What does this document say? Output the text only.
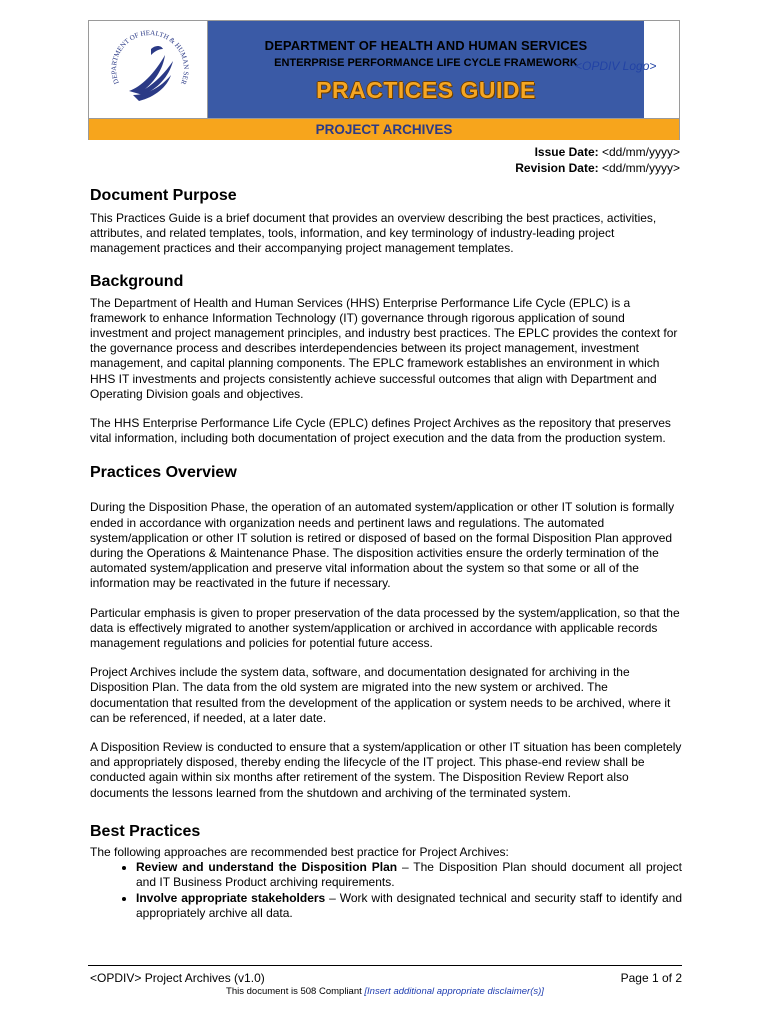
DEPARTMENT OF HEALTH & HUMAN SER
DEPARTMENT OF HEALTH AND HUMAN SERVICES
ENTERPRISE PERFORMANCE LIFE CYCLE FRAMEWORK
PRACTICES GUIDE
PROJECT ARCHIVES
<OPDIV Logo>
Issue Date: <dd/mm/yyyy>
Revision Date: <dd/mm/yyyy>
Document Purpose

This Practices Guide is a brief document that provides an overview describing the best practices, activities, attributes, and related templates, tools, information, and key terminology of industry-leading project management practices and their accompanying project management templates.

Background

The Department of Health and Human Services (HHS) Enterprise Performance Life Cycle (EPLC) is a framework to enhance Information Technology (IT) governance through rigorous application of sound investment and project management principles, and industry best practices. The EPLC provides the context for the governance process and describes interdependencies between its project management, investment management, and capital planning components. The EPLC framework establishes an environment in which HHS IT investments and projects consistently achieve successful outcomes that align with Department and Operating Division goals and objectives.

The HHS Enterprise Performance Life Cycle (EPLC) defines Project Archives as the repository that preserves vital information, including both documentation of project execution and the data from the production system.

Practices Overview

During the Disposition Phase, the operation of an automated system/application or other IT solution is formally ended in accordance with organization needs and pertinent laws and regulations. The automated system/application or other IT solution is retired or disposed of based on the formal Disposition Plan approved during the Operations & Maintenance Phase. The disposition activities ensure the orderly termination of the automated system/application and preserve vital information about the system so that some or all of the information may be reactivated in the future if necessary.

Particular emphasis is given to proper preservation of the data processed by the system/application, so that the data is effectively migrated to another system/application or archived in accordance with applicable records management regulations and policies for potential future access.

Project Archives include the system data, software, and documentation designated for archiving in the Disposition Plan. The data from the old system are migrated into the new system or archived. The documentation that resulted from the development of the application or system needs to be archived, where it can be referenced, if needed, at a later date.

A Disposition Review is conducted to ensure that a system/application or other IT situation has been completely and appropriately disposed, thereby ending the lifecycle of the IT project. This phase-end review shall be conducted again within six months after retirement of the system. The Disposition Review Report also documents the lessons learned from the shutdown and archiving of the terminated system.

Best Practices

The following approaches are recommended best practice for Project Archives:

• Review and understand the Disposition Plan – The Disposition Plan should document all project and IT Business Product archiving requirements.
• Involve appropriate stakeholders – Work with designated technical and security staff to identify and appropriately archive all data.
<OPDIV> Project Archives (v1.0)	Page 1 of 2
This document is 508 Compliant [Insert additional appropriate disclaimer(s)]
